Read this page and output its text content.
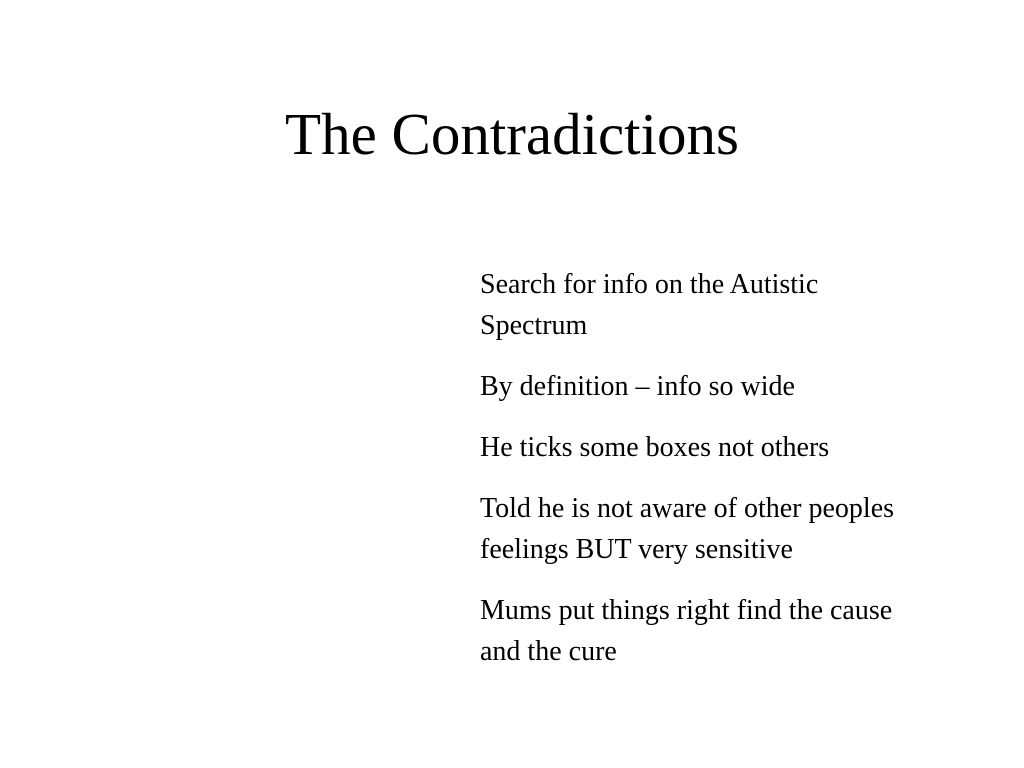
The Contradictions
Search for info on the Autistic Spectrum
By definition – info so wide
He ticks some boxes not others
Told he is not aware of other peoples feelings BUT very sensitive
Mums put things right find the cause and the cure
